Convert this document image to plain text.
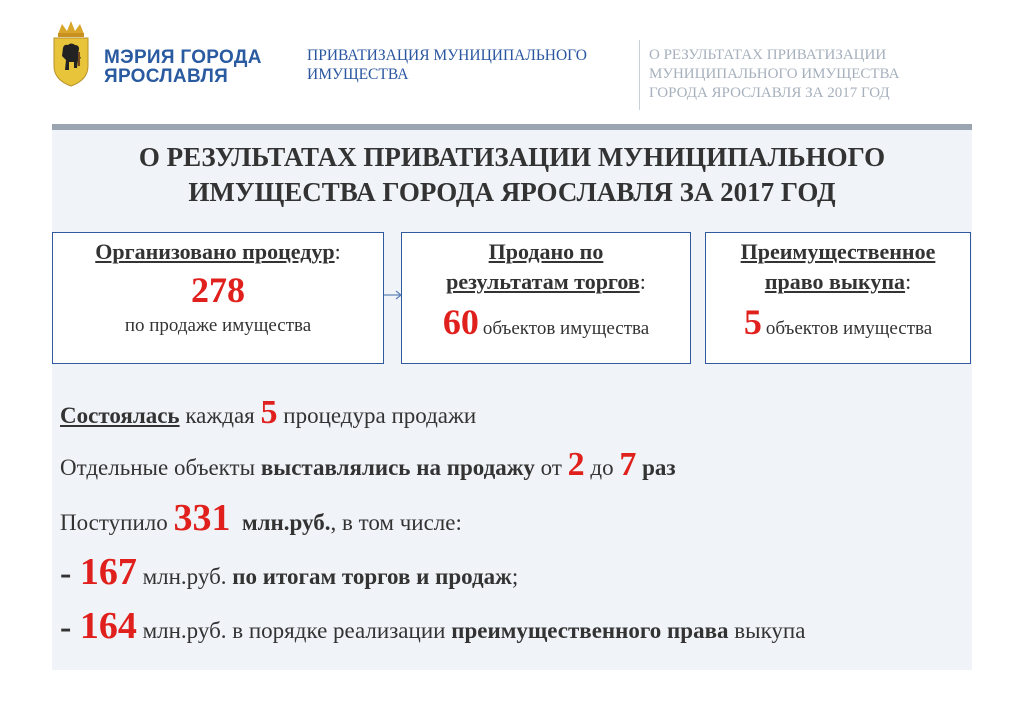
МЭРИЯ ГОРОДА
ЯРОСЛАВЛЯ
ПРИВАТИЗАЦИЯ МУНИЦИПАЛЬНОГО ИМУЩЕСТВА
О РЕЗУЛЬТАТАХ ПРИВАТИЗАЦИИ МУНИЦИПАЛЬНОГО ИМУЩЕСТВА ГОРОДА ЯРОСЛАВЛЯ ЗА 2017 ГОД
О РЕЗУЛЬТАТАХ ПРИВАТИЗАЦИИ МУНИЦИПАЛЬНОГО
ИМУЩЕСТВА ГОРОДА ЯРОСЛАВЛЯ ЗА 2017 ГОД
Организовано процедур:
278
по продаже имущества
Продано по
результатам торгов:
60 объектов имущества
Преимущественное
право выкупа:
5 объектов имущества
Состоялась каждая 5 процедура продажи
Отдельные объекты выставлялись на продажу от 2 до 7 раз
Поступило 331 млн.руб., в том числе:
- 167 млн.руб. по итогам торгов и продаж;
- 164 млн.руб. в порядке реализации преимущественного права выкупа
